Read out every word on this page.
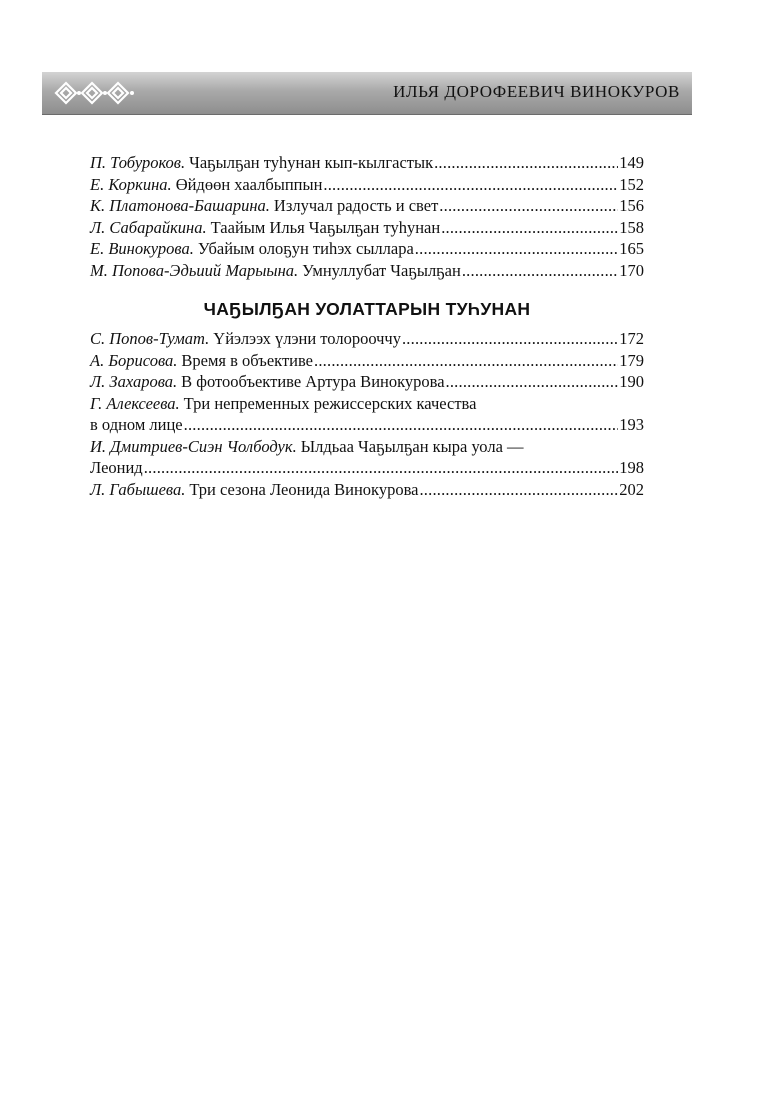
ИЛЬЯ ДОРОФЕЕВИЧ ВИНОКУРОВ
П. Тобуроков. Чаҕылҕан туһунан кып-кылгастык .....	149
Е. Коркина. Өйдөөн хаалбыппын .....	152
К. Платонова-Башарина. Излучал радость и свет .....	156
Л. Сабарайкина. Таайым Илья Чаҕылҕан туһунан .....	158
Е. Винокурова. Убайым олоҕун тиһэх сыллара .....	165
М. Попова-Эдьиий Марыына. Умнуллубат Чаҕылҕан .....	170
ЧАҔЫЛҔАН УОЛАТТАРЫН ТУҺУНАН
С. Попов-Тумат. Үйэлээх үлэни толорооччу .....	172
А. Борисова. Время в объективе .....	179
Л. Захарова. В фотообъективе Артура Винокурова .....	190
Г. Алексеева. Три непременных режиссерских качества
в одном лице .....	193
И. Дмитриев-Сиэн Чолбодук. Ылдьаа Чаҕылҕан кыра уола —
Леонид .....	198
Л. Габышева. Три сезона Леонида Винокурова .....	202
